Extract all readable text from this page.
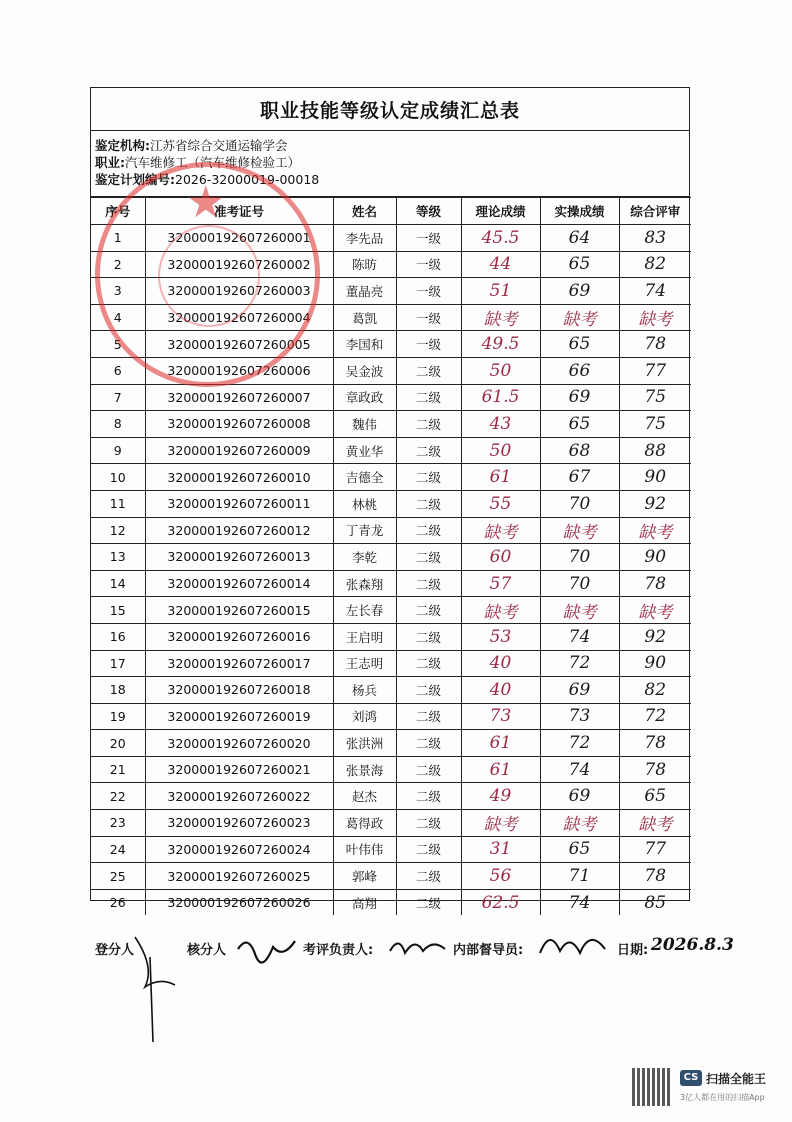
职业技能等级认定成绩汇总表
鉴定机构:江苏省综合交通运输学会
职业:汽车维修工（汽车维修检验工）
鉴定计划编号:2026-32000019-00018
序号	准考证号	姓名	等级	理论成绩	实操成绩	综合评审
1	320000192607260001	李先品	一级	45.5	64	83
2	320000192607260002	陈昉	一级	44	65	82
3	320000192607260003	董晶亮	一级	51	69	74
4	320000192607260004	葛凯	一级	缺考	缺考	缺考
5	320000192607260005	李国和	一级	49.5	65	78
6	320000192607260006	吴金波	二级	50	66	77
7	320000192607260007	章政政	二级	61.5	69	75
8	320000192607260008	魏伟	二级	43	65	75
9	320000192607260009	黄业华	二级	50	68	88
10	320000192607260010	吉德全	二级	61	67	90
11	320000192607260011	林桃	二级	55	70	92
12	320000192607260012	丁青龙	二级	缺考	缺考	缺考
13	320000192607260013	李乾	二级	60	70	90
14	320000192607260014	张森翔	二级	57	70	78
15	320000192607260015	左长春	二级	缺考	缺考	缺考
16	320000192607260016	王启明	二级	53	74	92
17	320000192607260017	王志明	二级	40	72	90
18	320000192607260018	杨兵	二级	40	69	82
19	320000192607260019	刘鸿	二级	73	73	72
20	320000192607260020	张洪洲	二级	61	72	78
21	320000192607260021	张景海	二级	61	74	78
22	320000192607260022	赵杰	二级	49	69	65
23	320000192607260023	葛得政	二级	缺考	缺考	缺考
24	320000192607260024	叶伟伟	二级	31	65	77
25	320000192607260025	郭峰	二级	56	71	78
26	320000192607260026	高翔	二级	62.5	74	85
★
登分人	核分人	考评负责人:	内部督导员:	日期: 2026.8.3
CS 扫描全能王
3亿人都在用的扫描App
